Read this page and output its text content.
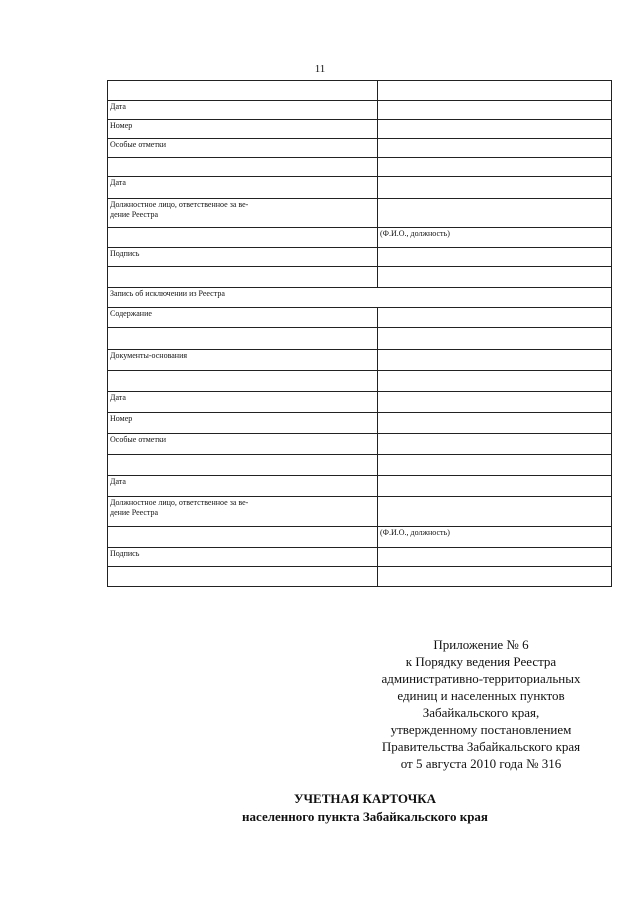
11

Дата	
Номер	
Особые отметки	

Дата	
Должностное лицо, ответственное за ве-
дение Реестра	
	(Ф.И.О., должность)
Подпись	

Запись об исключении из Реестра	
Содержание	

Документы-основания	

Дата	
Номер	
Особые отметки	

Дата	
Должностное лицо, ответственное за ве-
дение Реестра	
	(Ф.И.О., должность)
Подпись	

Приложение № 6
к Порядку ведения Реестра
административно-территориальных
единиц и населенных пунктов
Забайкальского края,
утвержденному постановлением
Правительства Забайкальского края
от 5 августа 2010 года № 316
УЧЕТНАЯ КАРТОЧКА
населенного пункта Забайкальского края
